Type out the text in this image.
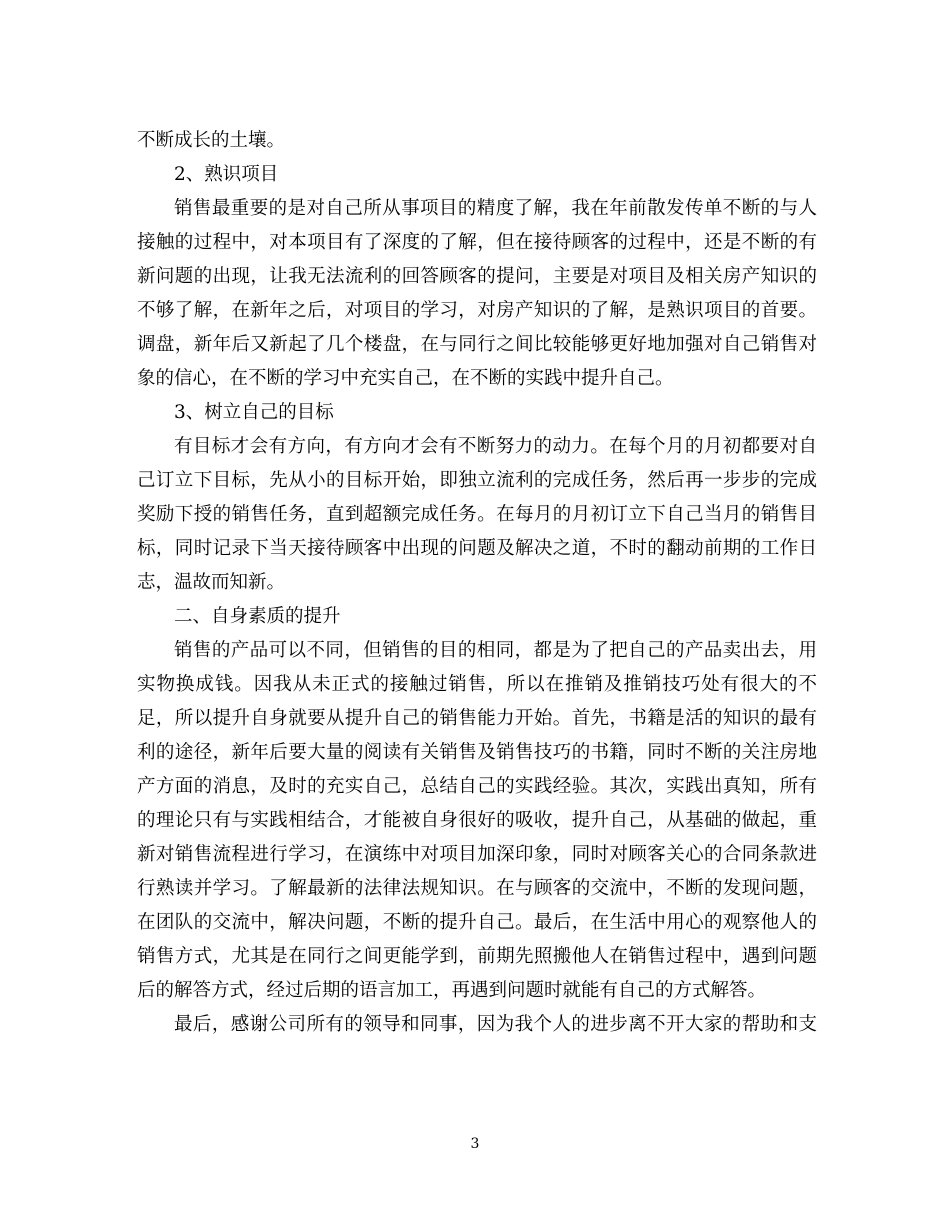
不断成长的土壤。
2、熟识项目
销售最重要的是对自己所从事项目的精度了解，我在年前散发传单不断的与人
接触的过程中，对本项目有了深度的了解，但在接待顾客的过程中，还是不断的有
新问题的出现，让我无法流利的回答顾客的提问，主要是对项目及相关房产知识的
不够了解，在新年之后，对项目的学习，对房产知识的了解，是熟识项目的首要。
调盘，新年后又新起了几个楼盘，在与同行之间比较能够更好地加强对自己销售对
象的信心，在不断的学习中充实自己，在不断的实践中提升自己。
3、树立自己的目标
有目标才会有方向，有方向才会有不断努力的动力。在每个月的月初都要对自
己订立下目标，先从小的目标开始，即独立流利的完成任务，然后再一步步的完成
奖励下授的销售任务，直到超额完成任务。在每月的月初订立下自己当月的销售目
标，同时记录下当天接待顾客中出现的问题及解决之道，不时的翻动前期的工作日
志，温故而知新。
二、自身素质的提升
销售的产品可以不同，但销售的目的相同，都是为了把自己的产品卖出去，用
实物换成钱。因我从未正式的接触过销售，所以在推销及推销技巧处有很大的不
足，所以提升自身就要从提升自己的销售能力开始。首先，书籍是活的知识的最有
利的途径，新年后要大量的阅读有关销售及销售技巧的书籍，同时不断的关注房地
产方面的消息，及时的充实自己，总结自己的实践经验。其次，实践出真知，所有
的理论只有与实践相结合，才能被自身很好的吸收，提升自己，从基础的做起，重
新对销售流程进行学习，在演练中对项目加深印象，同时对顾客关心的合同条款进
行熟读并学习。了解最新的法律法规知识。在与顾客的交流中，不断的发现问题，
在团队的交流中，解决问题，不断的提升自己。最后，在生活中用心的观察他人的
销售方式，尤其是在同行之间更能学到，前期先照搬他人在销售过程中，遇到问题
后的解答方式，经过后期的语言加工，再遇到问题时就能有自己的方式解答。
最后，感谢公司所有的领导和同事，因为我个人的进步离不开大家的帮助和支
3
